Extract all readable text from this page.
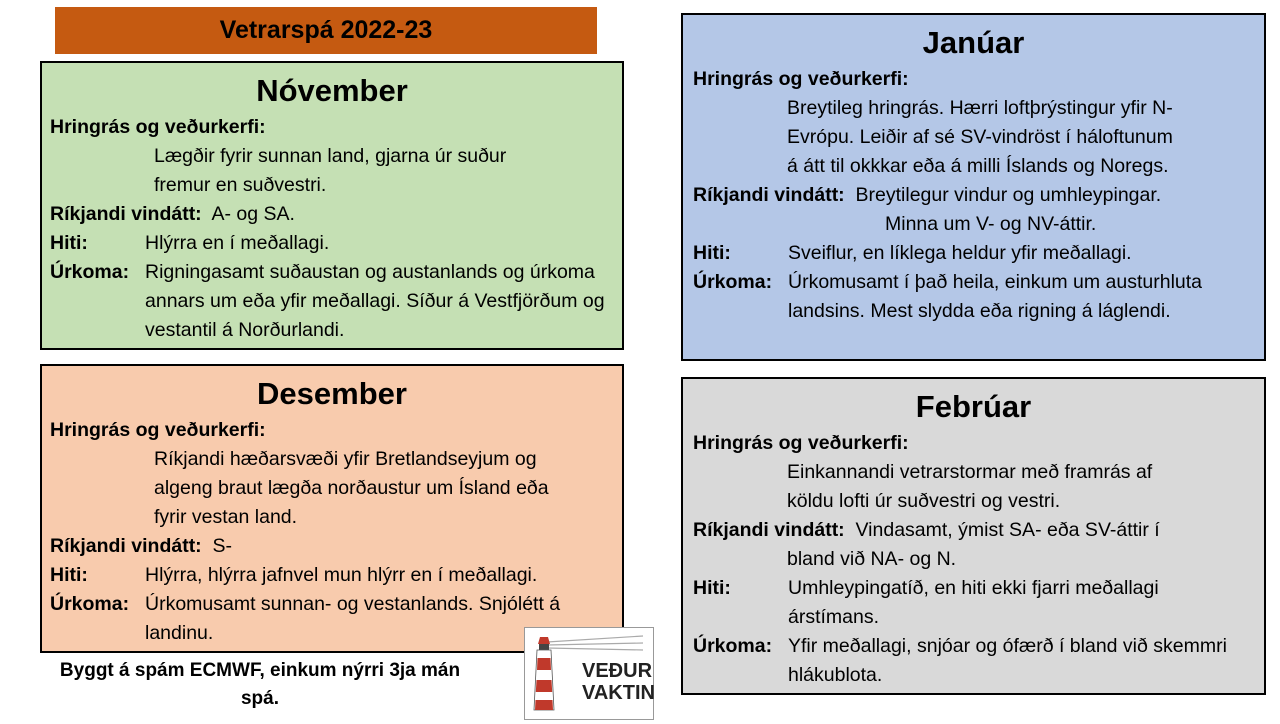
Vetrarspá 2022-23
Nóvember
Hringrás og veðurkerfi:
Lægðir fyrir sunnan land, gjarna úr suður
fremur en suðvestri.
Ríkjandi vindátt: A- og SA.
Hiti:	Hlýrra en í meðallagi.
Úrkoma: Rigningasamt suðaustan og austanlands og úrkoma annars um eða yfir meðallagi. Síður á Vestfjörðum og vestantil á Norðurlandi.
Desember
Hringrás og veðurkerfi:
Ríkjandi hæðarsvæði yfir Bretlandseyjum og
algeng braut lægða norðaustur um Ísland eða
fyrir vestan land.
Ríkjandi vindátt: S-
Hiti:	Hlýrra, hlýrra jafnvel mun hlýrr en í meðallagi.
Úrkoma: Úrkomusamt sunnan- og vestanlands. Snjólétt á landinu.
Janúar
Hringrás og veðurkerfi:
Breytileg hringrás. Hærri loftþrýstingur yfir N-
Evrópu. Leiðir af sé SV-vindröst í háloftunum
á átt til okkkar eða á milli Íslands og Noregs.
Ríkjandi vindátt: Breytilegur vindur og umhleypingar.
Minna um V- og NV-áttir.
Hiti:	Sveiflur, en líklega heldur yfir meðallagi.
Úrkoma: Úrkomusamt í það heila, einkum um austurhluta landsins. Mest slydda eða rigning á láglendi.
Febrúar
Hringrás og veðurkerfi:
Einkannandi vetrarstormar með framrás af
köldu lofti úr suðvestri og vestri.
Ríkjandi vindátt: Vindasamt, ýmist SA- eða SV-áttir í
bland við NA- og N.
Hiti:	Umhleypingatíð, en hiti ekki fjarri meðallagi árstímans.
Úrkoma: Yfir meðallagi, snjóar og ófærð í bland við skemmri hlákublota.
Byggt á spám ECMWF, einkum nýrri 3ja mán spá.
VEÐUR
VAKTIN
